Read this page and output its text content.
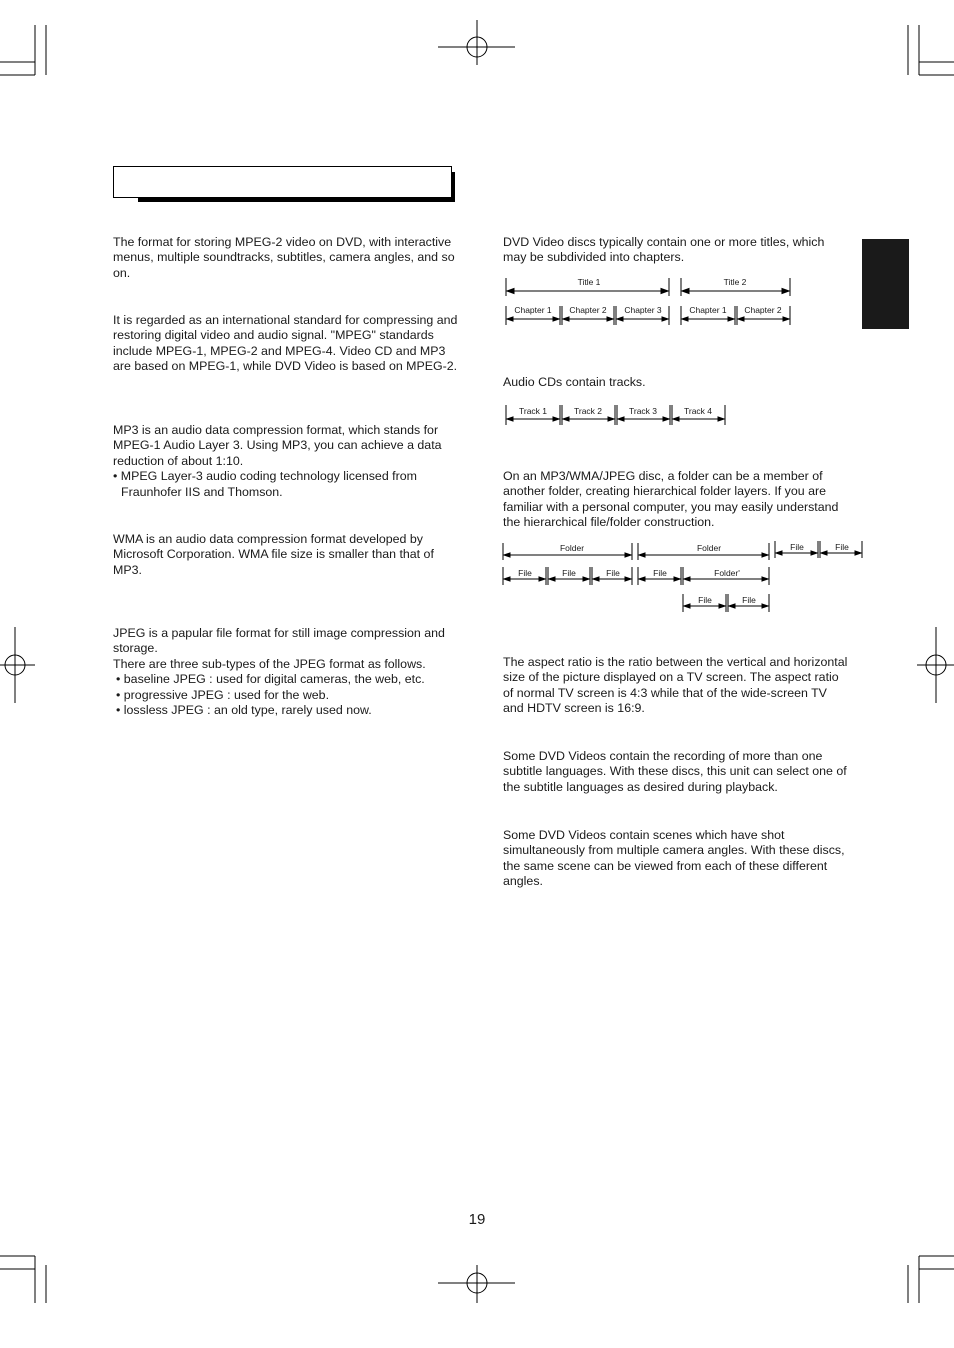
The format for storing MPEG-2 video on DVD, with interactive menus, multiple soundtracks, subtitles, camera angles, and so on.

It is regarded as an international standard for compressing and restoring digital video and audio signal. "MPEG" standards include MPEG-1, MPEG-2 and MPEG-4. Video CD and MP3 are based on MPEG-1, while DVD Video is based on MPEG-2.

MP3 is an audio data compression format, which stands for MPEG-1 Audio Layer 3. Using MP3, you can achieve a data reduction of about 1:10.

• MPEG Layer-3 audio coding technology licensed from Fraunhofer IIS and Thomson.

WMA is an audio data compression format developed by Microsoft Corporation. WMA file size is smaller than that of MP3.

JPEG is a papular file format for still image compression and storage.

There are three sub-types of the JPEG format as follows.

• baseline JPEG : used for digital cameras, the web, etc.

• progressive JPEG : used for the web.

• lossless JPEG : an old type, rarely used now.

DVD Video discs typically contain one or more titles, which may be subdivided into chapters.

Title 1	Title 2
Chapter 1	Chapter 2	Chapter 3	Chapter 1	Chapter 2

Audio CDs contain tracks.

Track 1	Track 2	Track 3	Track 4

On an MP3/WMA/JPEG disc, a folder can be a member of another folder, creating hierarchical folder layers. If you are familiar with a personal computer, you may easily understand the hierarchical file/folder construction.

Folder	Folder	File	File
File	File	File	File	Folder'
File	File

The aspect ratio is the ratio between the vertical and horizontal size of the picture displayed on a TV screen. The aspect ratio of normal TV screen is 4:3 while that of the wide-screen TV and HDTV screen is 16:9.

Some DVD Videos contain the recording of more than one subtitle languages. With these discs, this unit can select one of the subtitle languages as desired during playback.

Some DVD Videos contain scenes which have shot simultaneously from multiple camera angles. With these discs, the same scene can be viewed from each of these different angles.

19
